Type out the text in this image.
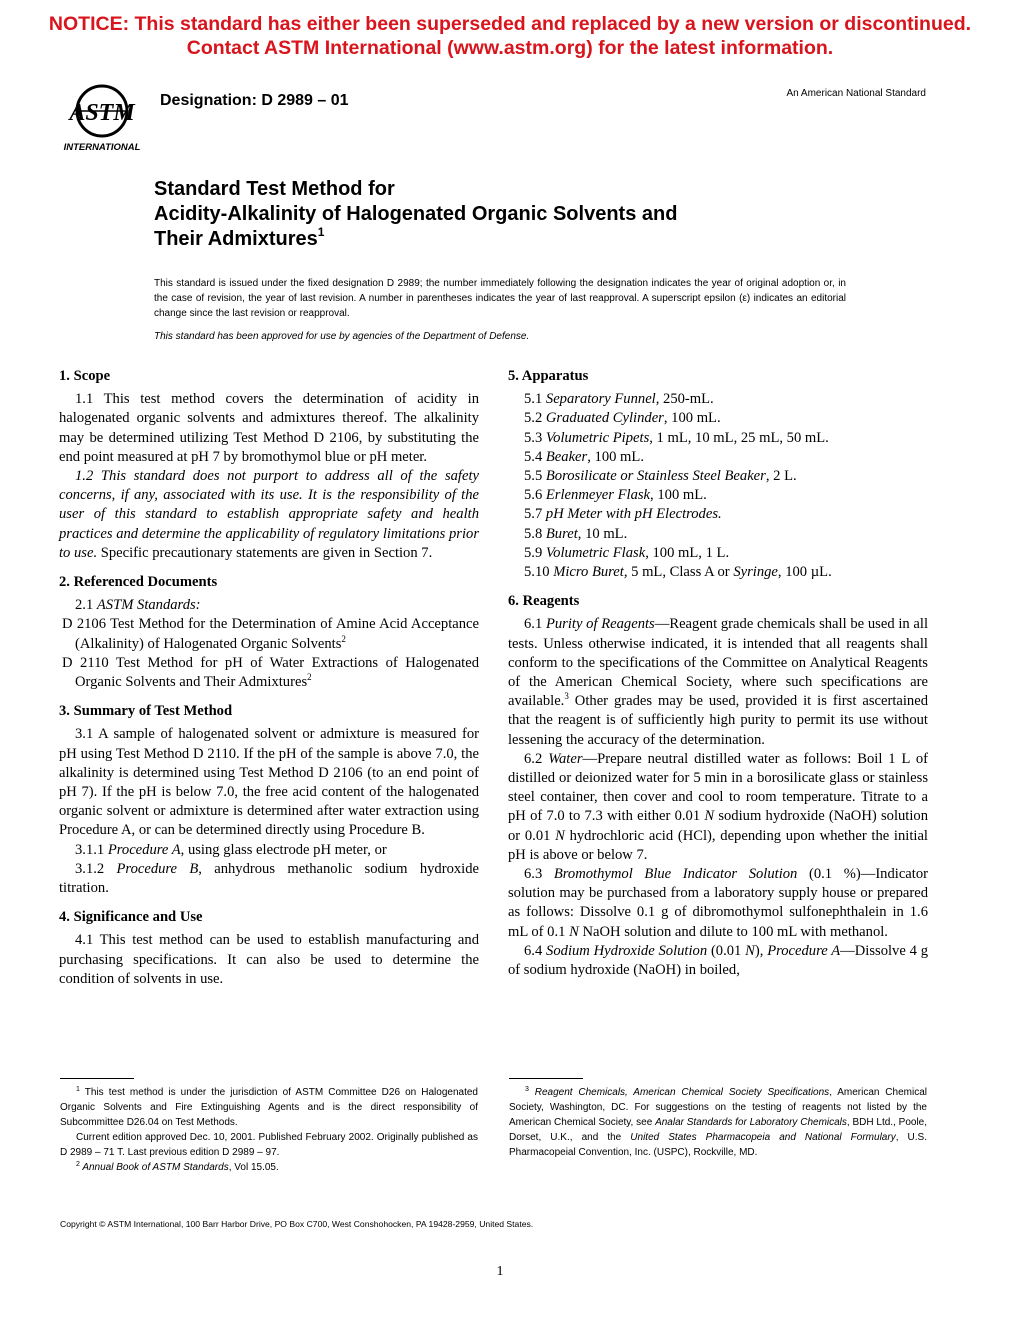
NOTICE: This standard has either been superseded and replaced by a new version or discontinued.
Contact ASTM International (www.astm.org) for the latest information.
ASTM
INTERNATIONAL
Designation: D 2989 – 01	An American National Standard
Standard Test Method for
Acidity-Alkalinity of Halogenated Organic Solvents and
Their Admixtures$^1$
This standard is issued under the fixed designation D 2989; the number immediately following the designation indicates the year of original adoption or, in the case of revision, the year of last revision. A number in parentheses indicates the year of last reapproval. A superscript epsilon (ε) indicates an editorial change since the last revision or reapproval.
This standard has been approved for use by agencies of the Department of Defense.
1. Scope

1.1 This test method covers the determination of acidity in halogenated organic solvents and admixtures thereof. The alkalinity may be determined utilizing Test Method D 2106, by substituting the end point measured at pH 7 by bromothymol blue or pH meter.

1.2 This standard does not purport to address all of the safety concerns, if any, associated with its use. It is the responsibility of the user of this standard to establish appropriate safety and health practices and determine the applicability of regulatory limitations prior to use. Specific precautionary statements are given in Section 7.

2. Referenced Documents

2.1 ASTM Standards:

D 2106 Test Method for the Determination of Amine Acid Acceptance (Alkalinity) of Halogenated Organic Solvents$^2$

D 2110 Test Method for pH of Water Extractions of Halogenated Organic Solvents and Their Admixtures$^2$

3. Summary of Test Method

3.1 A sample of halogenated solvent or admixture is measured for pH using Test Method D 2110. If the pH of the sample is above 7.0, the alkalinity is determined using Test Method D 2106 (to an end point of pH 7). If the pH is below 7.0, the free acid content of the halogenated organic solvent or admixture is determined after water extraction using Procedure A, or can be determined directly using Procedure B.

3.1.1 Procedure A, using glass electrode pH meter, or

3.1.2 Procedure B, anhydrous methanolic sodium hydroxide titration.

4. Significance and Use

4.1 This test method can be used to establish manufacturing and purchasing specifications. It can also be used to determine the condition of solvents in use.

5. Apparatus
5.1 Separatory Funnel, 250-mL.
5.2 Graduated Cylinder, 100 mL.
5.3 Volumetric Pipets, 1 mL, 10 mL, 25 mL, 50 mL.
5.4 Beaker, 100 mL.
5.5 Borosilicate or Stainless Steel Beaker, 2 L.
5.6 Erlenmeyer Flask, 100 mL.
5.7 pH Meter with pH Electrodes.
5.8 Buret, 10 mL.
5.9 Volumetric Flask, 100 mL, 1 L.
5.10 Micro Buret, 5 mL, Class A or Syringe, 100 µL.
6. Reagents

6.1 Purity of Reagents—Reagent grade chemicals shall be used in all tests. Unless otherwise indicated, it is intended that all reagents shall conform to the specifications of the Committee on Analytical Reagents of the American Chemical Society, where such specifications are available.$^3$ Other grades may be used, provided it is first ascertained that the reagent is of sufficiently high purity to permit its use without lessening the accuracy of the determination.

6.2 Water—Prepare neutral distilled water as follows: Boil 1 L of distilled or deionized water for 5 min in a borosilicate glass or stainless steel container, then cover and cool to room temperature. Titrate to a pH of 7.0 to 7.3 with either 0.01 N sodium hydroxide (NaOH) solution or 0.01 N hydrochloric acid (HCl), depending upon whether the initial pH is above or below 7.

6.3 Bromothymol Blue Indicator Solution (0.1 %)—Indicator solution may be purchased from a laboratory supply house or prepared as follows: Dissolve 0.1 g of dibromothymol sulfonephthalein in 1.6 mL of 0.1 N NaOH solution and dilute to 100 mL with methanol.

6.4 Sodium Hydroxide Solution (0.01 N), Procedure A—Dissolve 4 g of sodium hydroxide (NaOH) in boiled,

$^1$ This test method is under the jurisdiction of ASTM Committee D26 on Halogenated Organic Solvents and Fire Extinguishing Agents and is the direct responsibility of Subcommittee D26.04 on Test Methods.

Current edition approved Dec. 10, 2001. Published February 2002. Originally published as D 2989 – 71 T. Last previous edition D 2989 – 97.

$^2$ Annual Book of ASTM Standards, Vol 15.05.

$^3$ Reagent Chemicals, American Chemical Society Specifications, American Chemical Society, Washington, DC. For suggestions on the testing of reagents not listed by the American Chemical Society, see Analar Standards for Laboratory Chemicals, BDH Ltd., Poole, Dorset, U.K., and the United States Pharmacopeia and National Formulary, U.S. Pharmacopeial Convention, Inc. (USPC), Rockville, MD.

Copyright © ASTM International, 100 Barr Harbor Drive, PO Box C700, West Conshohocken, PA 19428-2959, United States.
1
